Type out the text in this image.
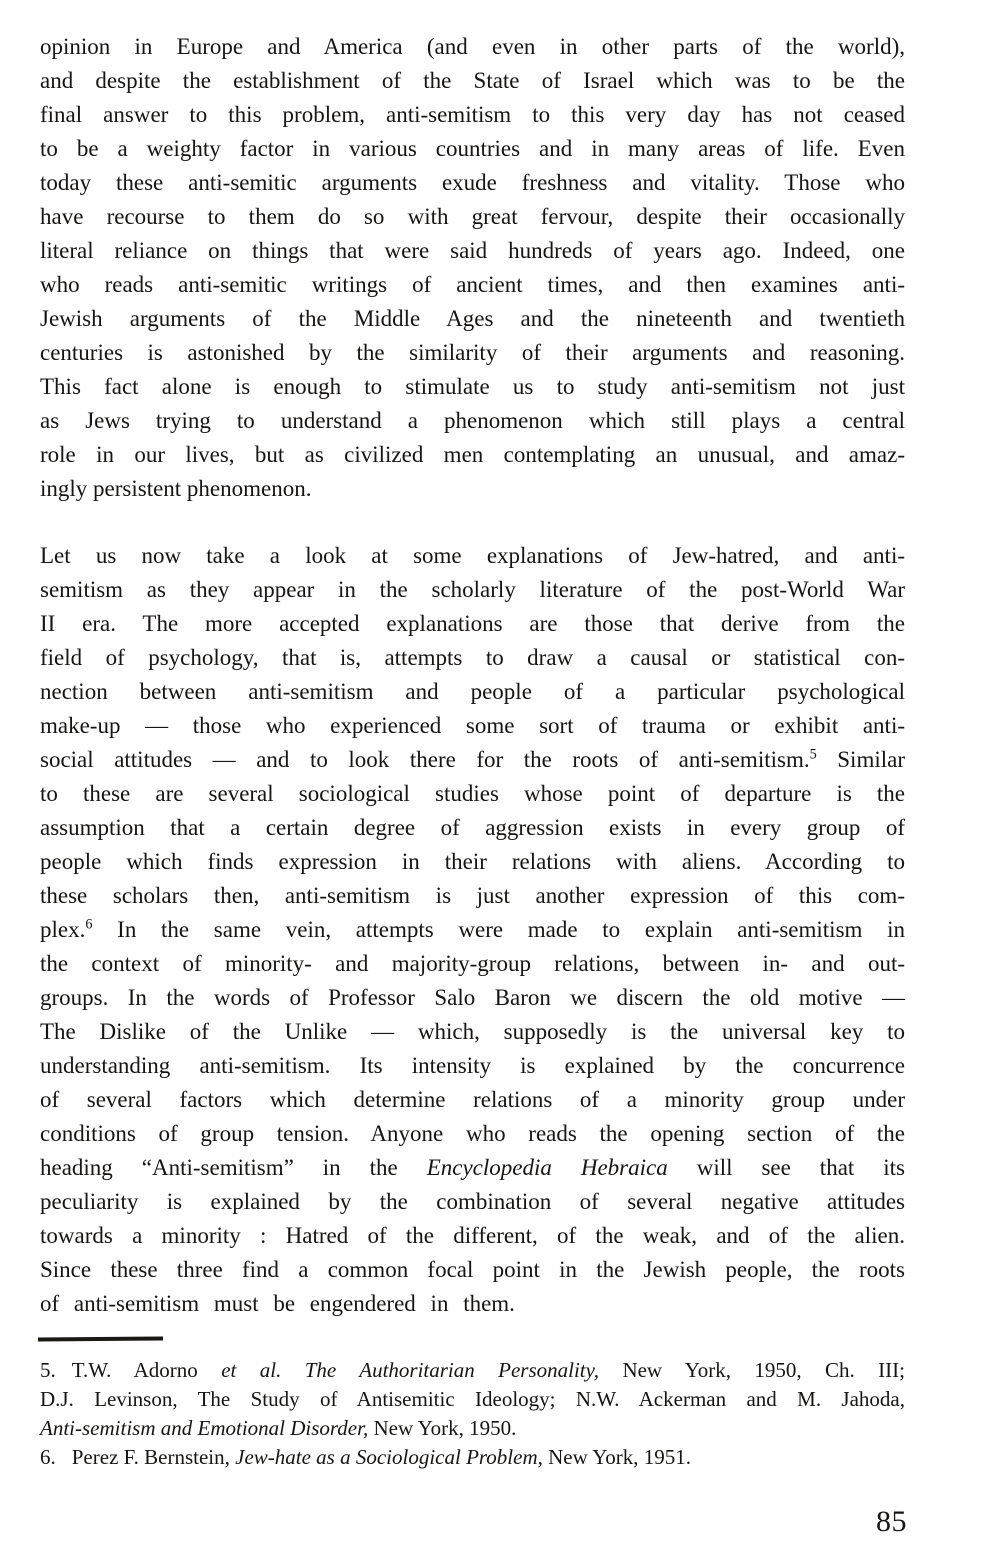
opinion in Europe and America (and even in other parts of the world),
and despite the establishment of the State of Israel which was to be the
final answer to this problem, anti-semitism to this very day has not ceased
to be a weighty factor in various countries and in many areas of life. Even
today these anti-semitic arguments exude freshness and vitality. Those who
have recourse to them do so with great fervour, despite their occasionally
literal reliance on things that were said hundreds of years ago. Indeed, one
who reads anti-semitic writings of ancient times, and then examines anti-
Jewish arguments of the Middle Ages and the nineteenth and twentieth
centuries is astonished by the similarity of their arguments and reasoning.
This fact alone is enough to stimulate us to study anti-semitism not just
as Jews trying to understand a phenomenon which still plays a central
role in our lives, but as civilized men contemplating an unusual, and amaz-
ingly persistent phenomenon.
Let us now take a look at some explanations of Jew-hatred, and anti-
semitism as they appear in the scholarly literature of the post-World War
II era. The more accepted explanations are those that derive from the
field of psychology, that is, attempts to draw a causal or statistical con-
nection between anti-semitism and people of a particular psychological
make-up — those who experienced some sort of trauma or exhibit anti-
social attitudes — and to look there for the roots of anti-semitism.$^5$ Similar
to these are several sociological studies whose point of departure is the
assumption that a certain degree of aggression exists in every group of
people which finds expression in their relations with aliens. According to
these scholars then, anti-semitism is just another expression of this com-
plex.$^6$ In the same vein, attempts were made to explain anti-semitism in
the context of minority- and majority-group relations, between in- and out-
groups. In the words of Professor Salo Baron we discern the old motive —
The Dislike of the Unlike — which, supposedly is the universal key to
understanding anti-semitism. Its intensity is explained by the concurrence
of several factors which determine relations of a minority group under
conditions of group tension. Anyone who reads the opening section of the
heading “Anti-semitism” in the Encyclopedia Hebraica will see that its
peculiarity is explained by the combination of several negative attitudes
towards a minority : Hatred of the different, of the weak, and of the alien.
Since these three find a common focal point in the Jewish people, the roots
of anti-semitism must be engendered in them.
5. T.W. Adorno et al. The Authoritarian Personality, New York, 1950, Ch. III;
D.J. Levinson, The Study of Antisemitic Ideology; N.W. Ackerman and M. Jahoda,
Anti-semitism and Emotional Disorder, New York, 1950.
6. Perez F. Bernstein, Jew-hate as a Sociological Problem, New York, 1951.
85
